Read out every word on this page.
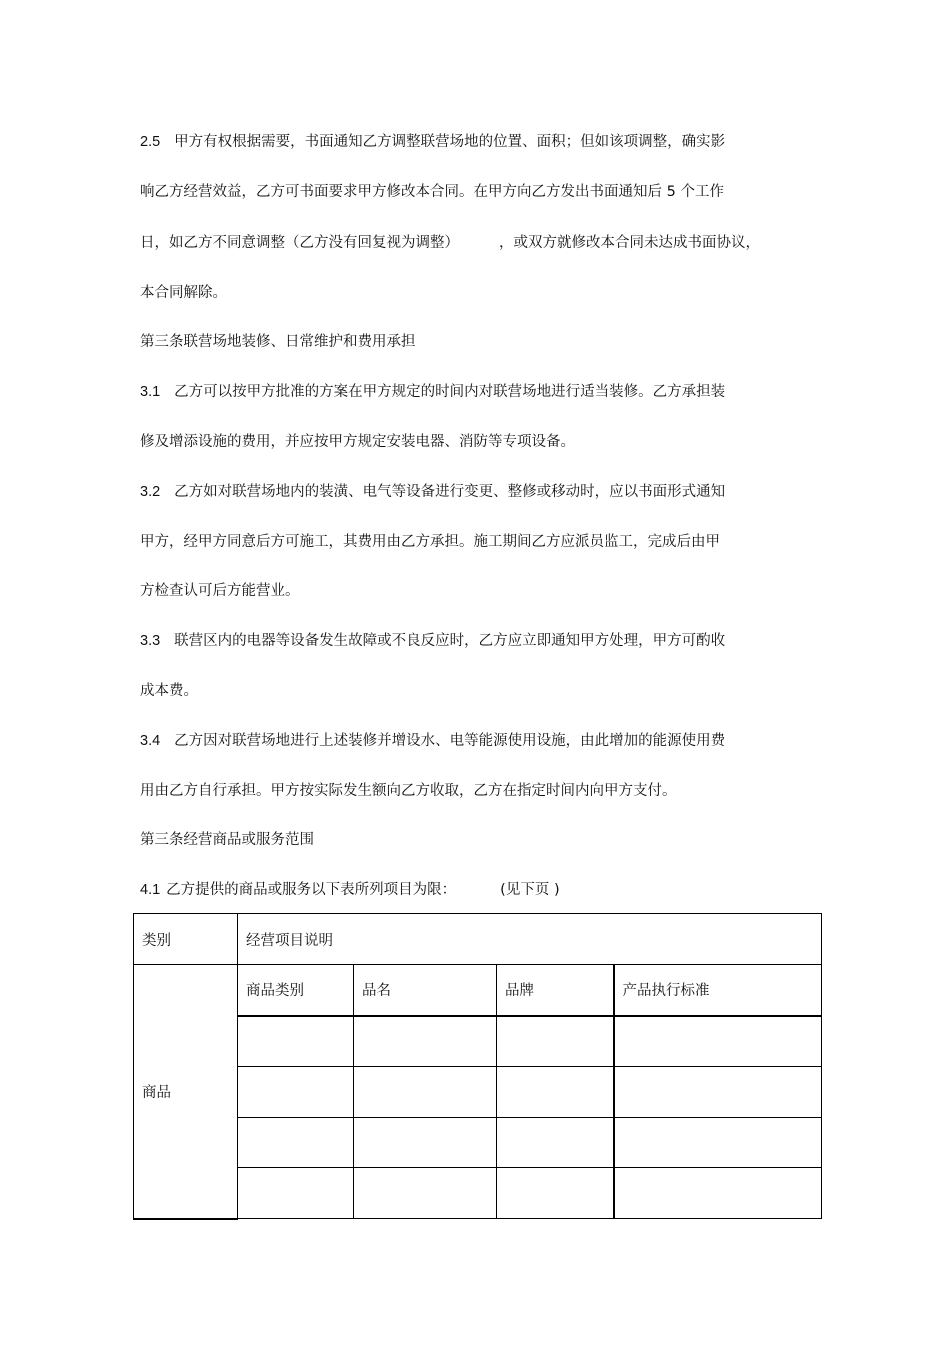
2.5 甲方有权根据需要，书面通知乙方调整联营场地的位置、面积；但如该项调整，确实影
响乙方经营效益，乙方可书面要求甲方修改本合同。在甲方向乙方发出书面通知后 5 个工作
日，如乙方不同意调整（乙方没有回复视为调整）	，或双方就修改本合同未达成书面协议，
本合同解除。
第三条联营场地装修、日常维护和费用承担
3.1 乙方可以按甲方批准的方案在甲方规定的时间内对联营场地进行适当装修。乙方承担装
修及增添设施的费用，并应按甲方规定安装电器、消防等专项设备。
3.2 乙方如对联营场地内的装潢、电气等设备进行变更、整修或移动时，应以书面形式通知
甲方，经甲方同意后方可施工，其费用由乙方承担。施工期间乙方应派员监工，完成后由甲
方检查认可后方能营业。
3.3 联营区内的电器等设备发生故障或不良反应时，乙方应立即通知甲方处理，甲方可酌收
成本费。
3.4 乙方因对联营场地进行上述装修并增设水、电等能源使用设施，由此增加的能源使用费
用由乙方自行承担。甲方按实际发生额向乙方收取，乙方在指定时间内向甲方支付。
第三条经营商品或服务范围
4.1 乙方提供的商品或服务以下表所列项目为限：	(见下页 )
类别	经营项目说明			
商品	商品类别	品名	品牌	产品执行标准
